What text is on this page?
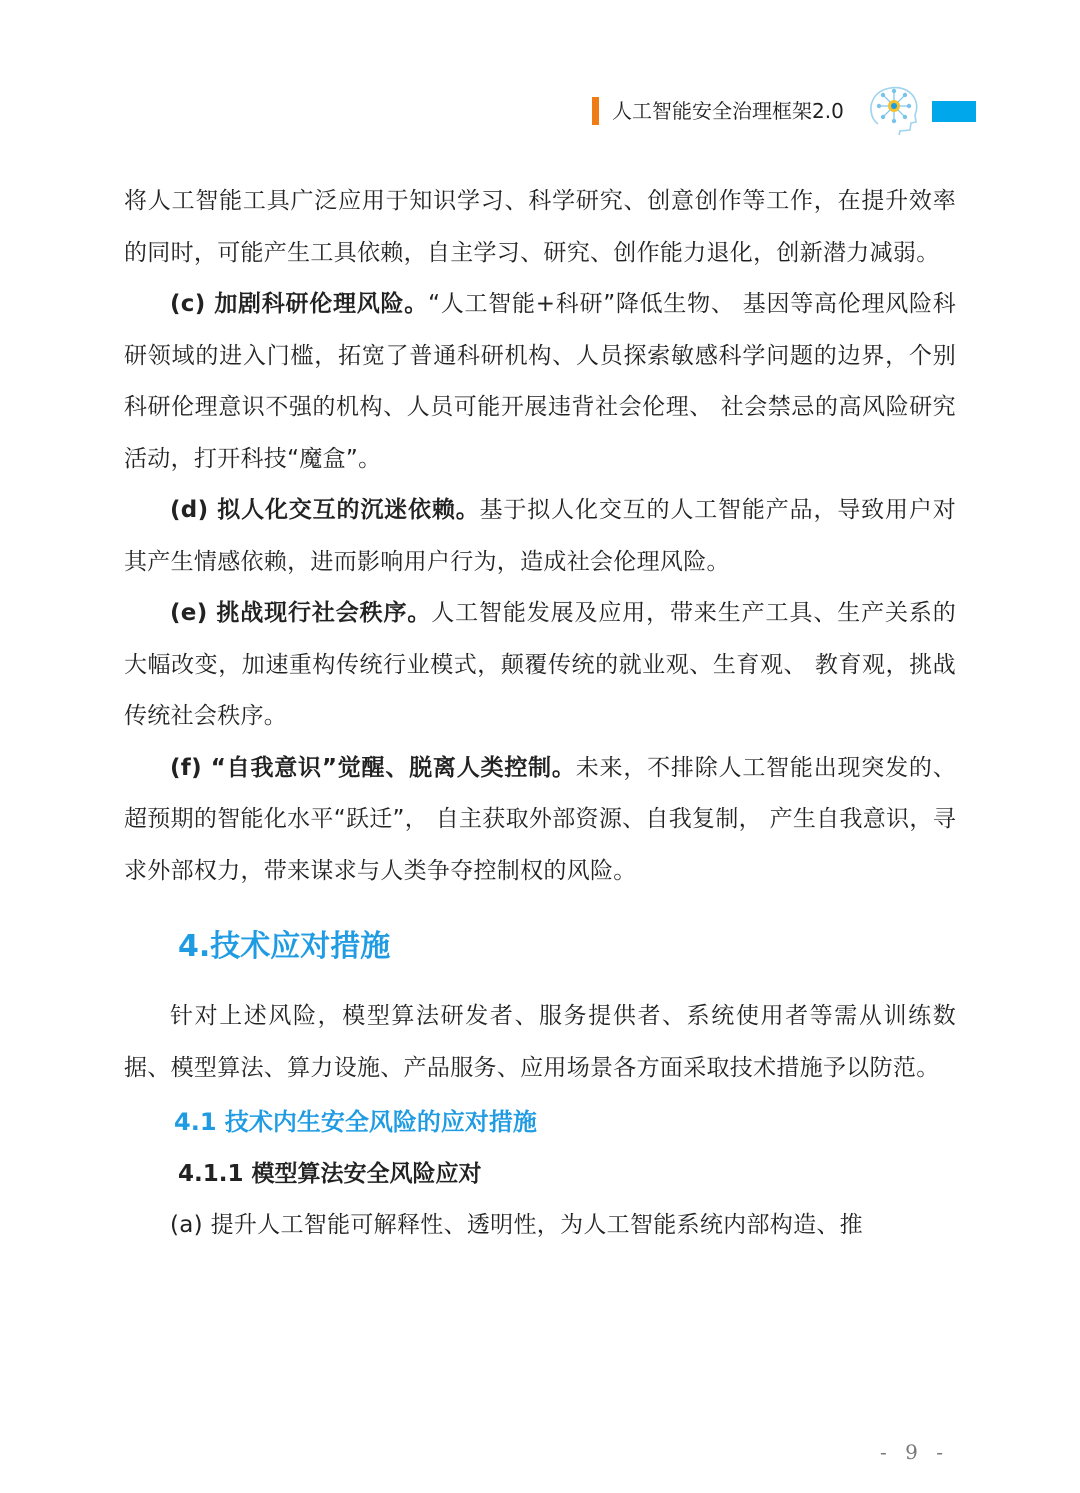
人工智能安全治理框架2.0

将人工智能工具广泛应用于知识学习、科学研究、创意创作等工作，在提升效率的同时，可能产生工具依赖，自主学习、研究、创作能力退化，创新潜力减弱。

(c) 加剧科研伦理风险。“人工智能+科研”降低生物、 基因等高伦理风险科研领域的进入门槛，拓宽了普通科研机构、人员探索敏感科学问题的边界，个别科研伦理意识不强的机构、人员可能开展违背社会伦理、 社会禁忌的高风险研究活动，打开科技“魔盒”。

(d) 拟人化交互的沉迷依赖。基于拟人化交互的人工智能产品，导致用户对其产生情感依赖，进而影响用户行为，造成社会伦理风险。

(e) 挑战现行社会秩序。人工智能发展及应用，带来生产工具、生产关系的大幅改变，加速重构传统行业模式，颠覆传统的就业观、生育观、 教育观，挑战传统社会秩序。

(f) “自我意识”觉醒、脱离人类控制。未来，不排除人工智能出现突发的、超预期的智能化水平“跃迁”， 自主获取外部资源、自我复制， 产生自我意识，寻求外部权力，带来谋求与人类争夺控制权的风险。

4.技术应对措施

针对上述风险，模型算法研发者、服务提供者、系统使用者等需从训练数据、模型算法、算力设施、产品服务、应用场景各方面采取技术措施予以防范。

4.1 技术内生安全风险的应对措施
4.1.1 模型算法安全风险应对

(a) 提升人工智能可解释性、透明性，为人工智能系统内部构造、推

- 9 -
